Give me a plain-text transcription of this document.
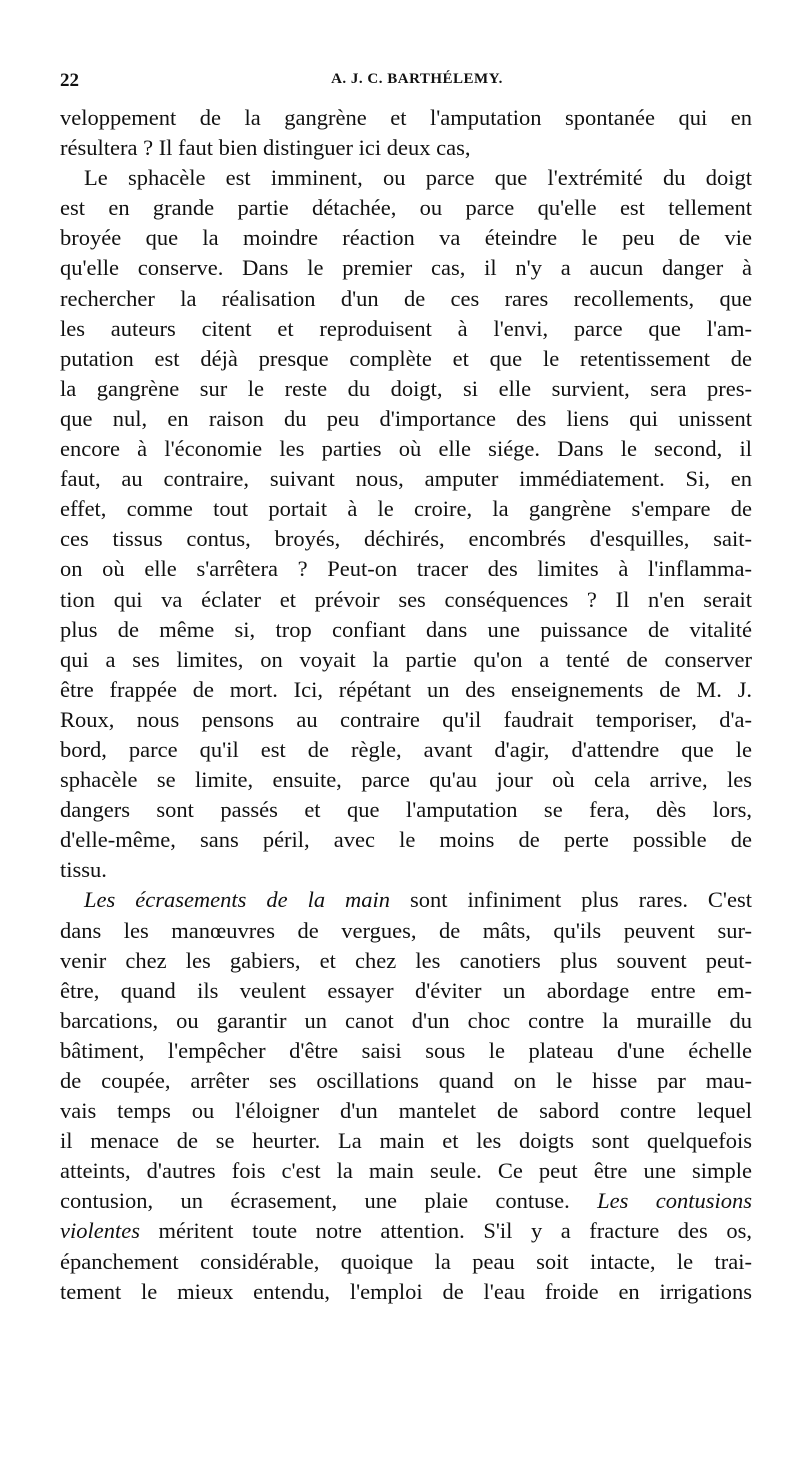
22	A. J. C. BARTHÉLEMY.
veloppement de la gangrène et l'amputation spontanée qui en
résultera ? Il faut bien distinguer ici deux cas,
Le sphacèle est imminent, ou parce que l'extrémité du doigt
est en grande partie détachée, ou parce qu'elle est tellement
broyée que la moindre réaction va éteindre le peu de vie
qu'elle conserve. Dans le premier cas, il n'y a aucun danger à
rechercher la réalisation d'un de ces rares recollements, que
les auteurs citent et reproduisent à l'envi, parce que l'am-
putation est déjà presque complète et que le retentissement de
la gangrène sur le reste du doigt, si elle survient, sera pres-
que nul, en raison du peu d'importance des liens qui unissent
encore à l'économie les parties où elle siége. Dans le second, il
faut, au contraire, suivant nous, amputer immédiatement. Si, en
effet, comme tout portait à le croire, la gangrène s'empare de
ces tissus contus, broyés, déchirés, encombrés d'esquilles, sait-
on où elle s'arrêtera ? Peut-on tracer des limites à l'inflamma-
tion qui va éclater et prévoir ses conséquences ? Il n'en serait
plus de même si, trop confiant dans une puissance de vitalité
qui a ses limites, on voyait la partie qu'on a tenté de conserver
être frappée de mort. Ici, répétant un des enseignements de M. J.
Roux, nous pensons au contraire qu'il faudrait temporiser, d'a-
bord, parce qu'il est de règle, avant d'agir, d'attendre que le
sphacèle se limite, ensuite, parce qu'au jour où cela arrive, les
dangers sont passés et que l'amputation se fera, dès lors,
d'elle-même, sans péril, avec le moins de perte possible de
tissu.
Les écrasements de la main sont infiniment plus rares. C'est
dans les manœuvres de vergues, de mâts, qu'ils peuvent sur-
venir chez les gabiers, et chez les canotiers plus souvent peut-
être, quand ils veulent essayer d'éviter un abordage entre em-
barcations, ou garantir un canot d'un choc contre la muraille du
bâtiment, l'empêcher d'être saisi sous le plateau d'une échelle
de coupée, arrêter ses oscillations quand on le hisse par mau-
vais temps ou l'éloigner d'un mantelet de sabord contre lequel
il menace de se heurter. La main et les doigts sont quelquefois
atteints, d'autres fois c'est la main seule. Ce peut être une simple
contusion, un écrasement, une plaie contuse. Les contusions
violentes méritent toute notre attention. S'il y a fracture des os,
épanchement considérable, quoique la peau soit intacte, le trai-
tement le mieux entendu, l'emploi de l'eau froide en irrigations
